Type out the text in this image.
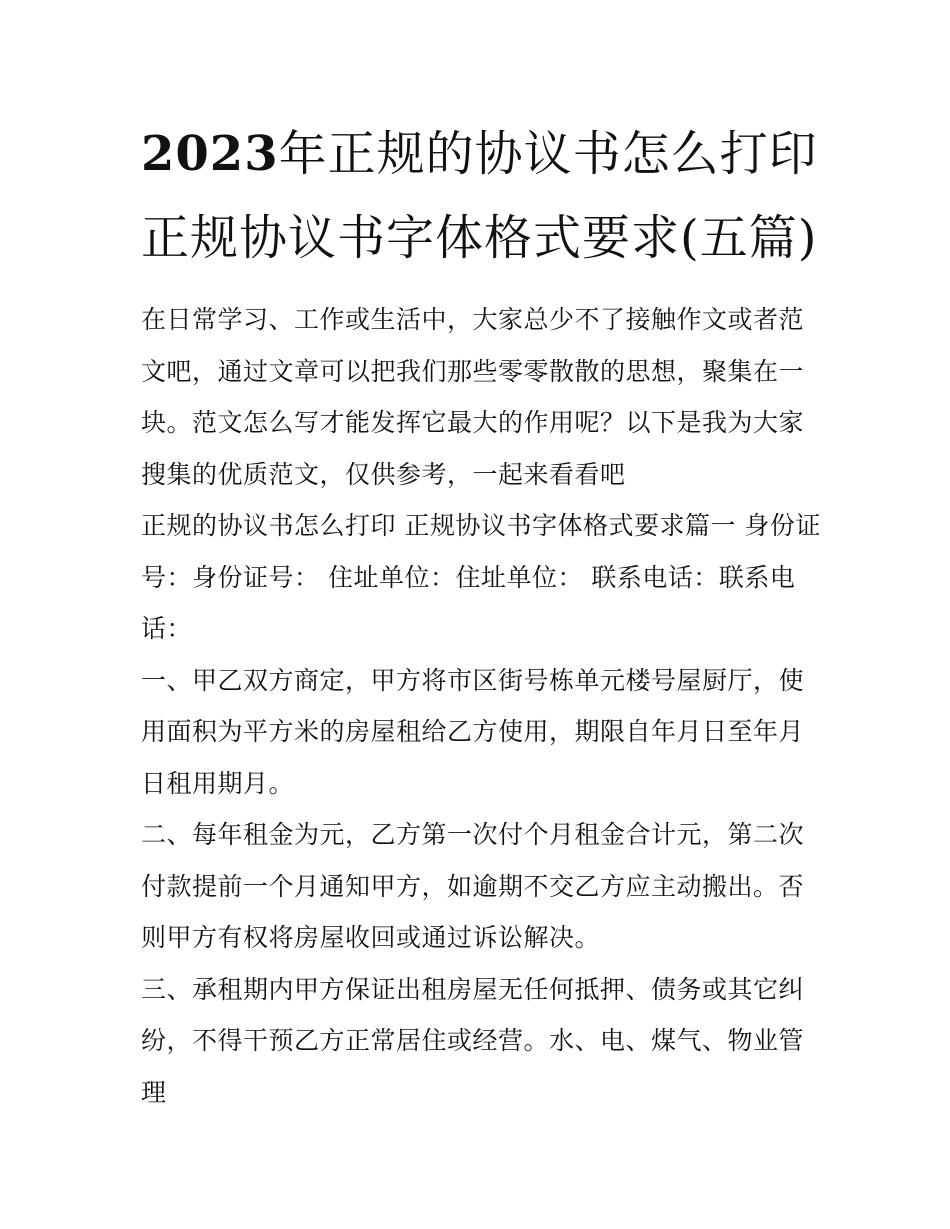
2023年正规的协议书怎么打印正规协议书字体格式要求(五篇)

在日常学习、工作或生活中，大家总少不了接触作文或者范文吧，通过文章可以把我们那些零零散散的思想，聚集在一块。范文怎么写才能发挥它最大的作用呢？以下是我为大家搜集的优质范文，仅供参考，一起来看看吧

正规的协议书怎么打印 正规协议书字体格式要求篇一 身份证号：身份证号： 住址单位：住址单位： 联系电话：联系电话：

一、甲乙双方商定，甲方将市区街号栋单元楼号屋厨厅，使用面积为平方米的房屋租给乙方使用，期限自年月日至年月日租用期月。

二、每年租金为元，乙方第一次付个月租金合计元，第二次付款提前一个月通知甲方，如逾期不交乙方应主动搬出。否则甲方有权将房屋收回或通过诉讼解决。

三、承租期内甲方保证出租房屋无任何抵押、债务或其它纠纷，不得干预乙方正常居住或经营。水、电、煤气、物业管理
